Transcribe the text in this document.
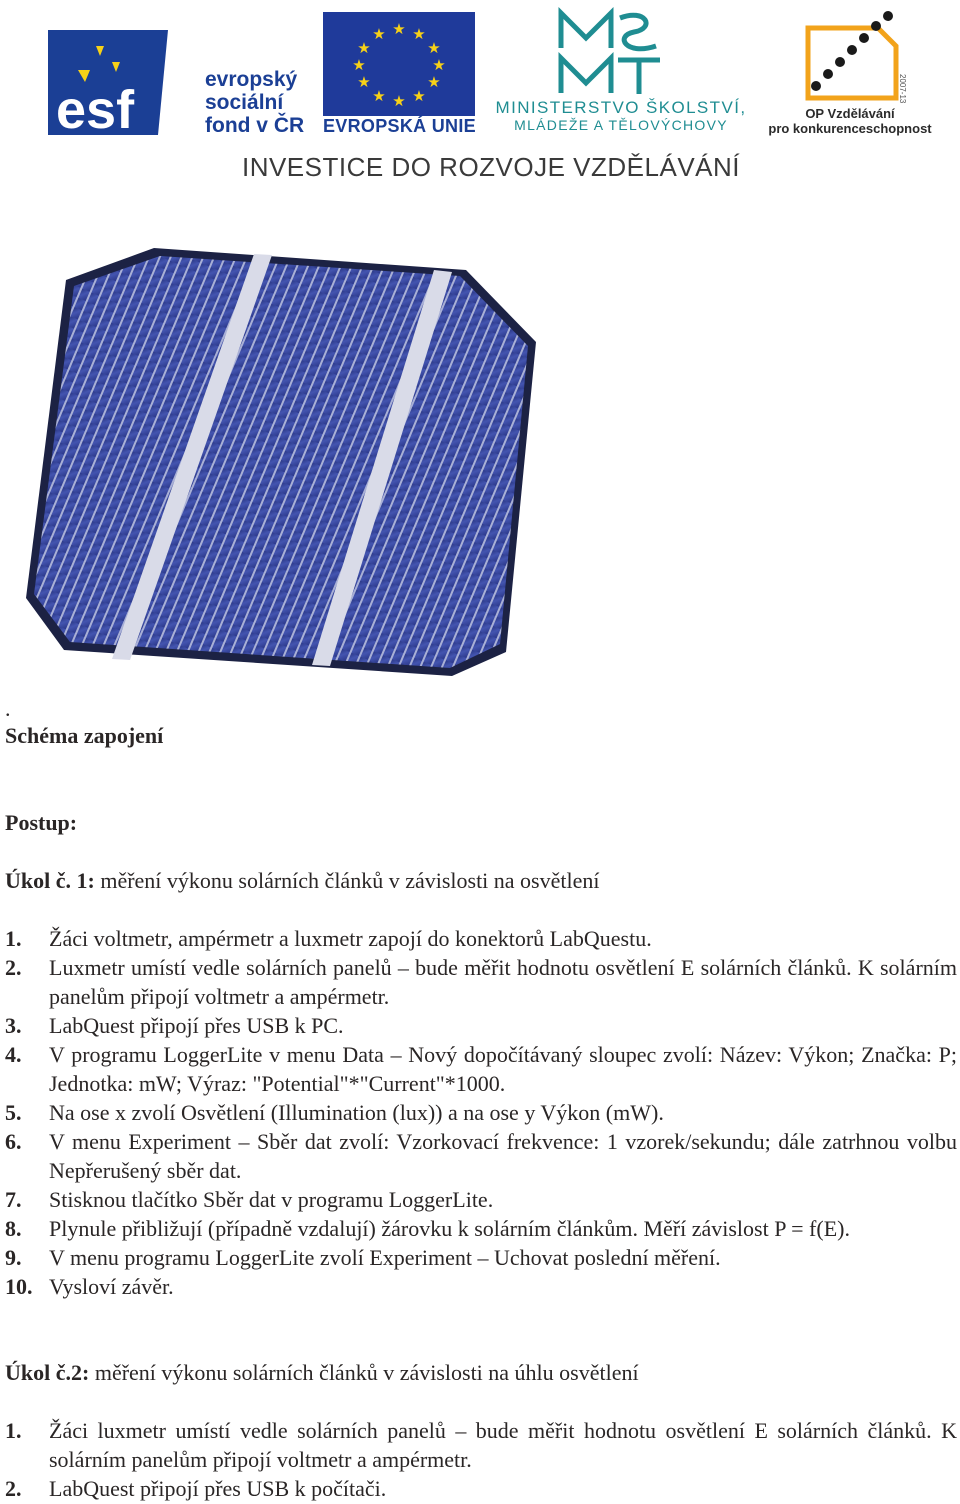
esf
evropský
sociální
fond v ČR
★ ★
★
★
★
★
★
★
★
★
★
★
EVROPSKÁ UNIE
MINISTERSTVO ŠKOLSTVÍ,
MLÁDEŽE A TĚLOVÝCHOVY
2007-13
OP Vzdělávání
pro konkurenceschopnost
INVESTICE DO ROZVOJE VZDĚLÁVÁNÍ
.
Schéma zapojení
Postup:
Úkol č. 1: měření výkonu solárních článků v závislosti na osvětlení
1.	Žáci voltmetr, ampérmetr a luxmetr zapojí do konektorů LabQuestu.
2.	Luxmetr umístí vedle solárních panelů – bude měřit hodnotu osvětlení E solárních článků. K solárním panelům připojí voltmetr a ampérmetr.
3.	LabQuest připojí přes USB k PC.
4.	V programu LoggerLite v menu Data – Nový dopočítávaný sloupec zvolí: Název: Výkon; Značka: P; Jednotka: mW; Výraz: "Potential"*"Current"*1000.
5.	Na ose x zvolí Osvětlení (Illumination (lux)) a na ose y Výkon (mW).
6.	V menu Experiment – Sběr dat zvolí: Vzorkovací frekvence: 1 vzorek/sekundu; dále zatrhnou volbu Nepřerušený sběr dat.
7.	Stisknou tlačítko Sběr dat v programu LoggerLite.
8.	Plynule přibližují (případně vzdalují) žárovku k solárním článkům. Měří závislost P = f(E).
9.	V menu programu LoggerLite zvolí Experiment – Uchovat poslední měření.
10. Vysloví závěr.
Úkol č.2: měření výkonu solárních článků v závislosti na úhlu osvětlení
1.	Žáci luxmetr umístí vedle solárních panelů – bude měřit hodnotu osvětlení E solárních článků. K solárním panelům připojí voltmetr a ampérmetr.
2.	LabQuest připojí přes USB k počítači.
